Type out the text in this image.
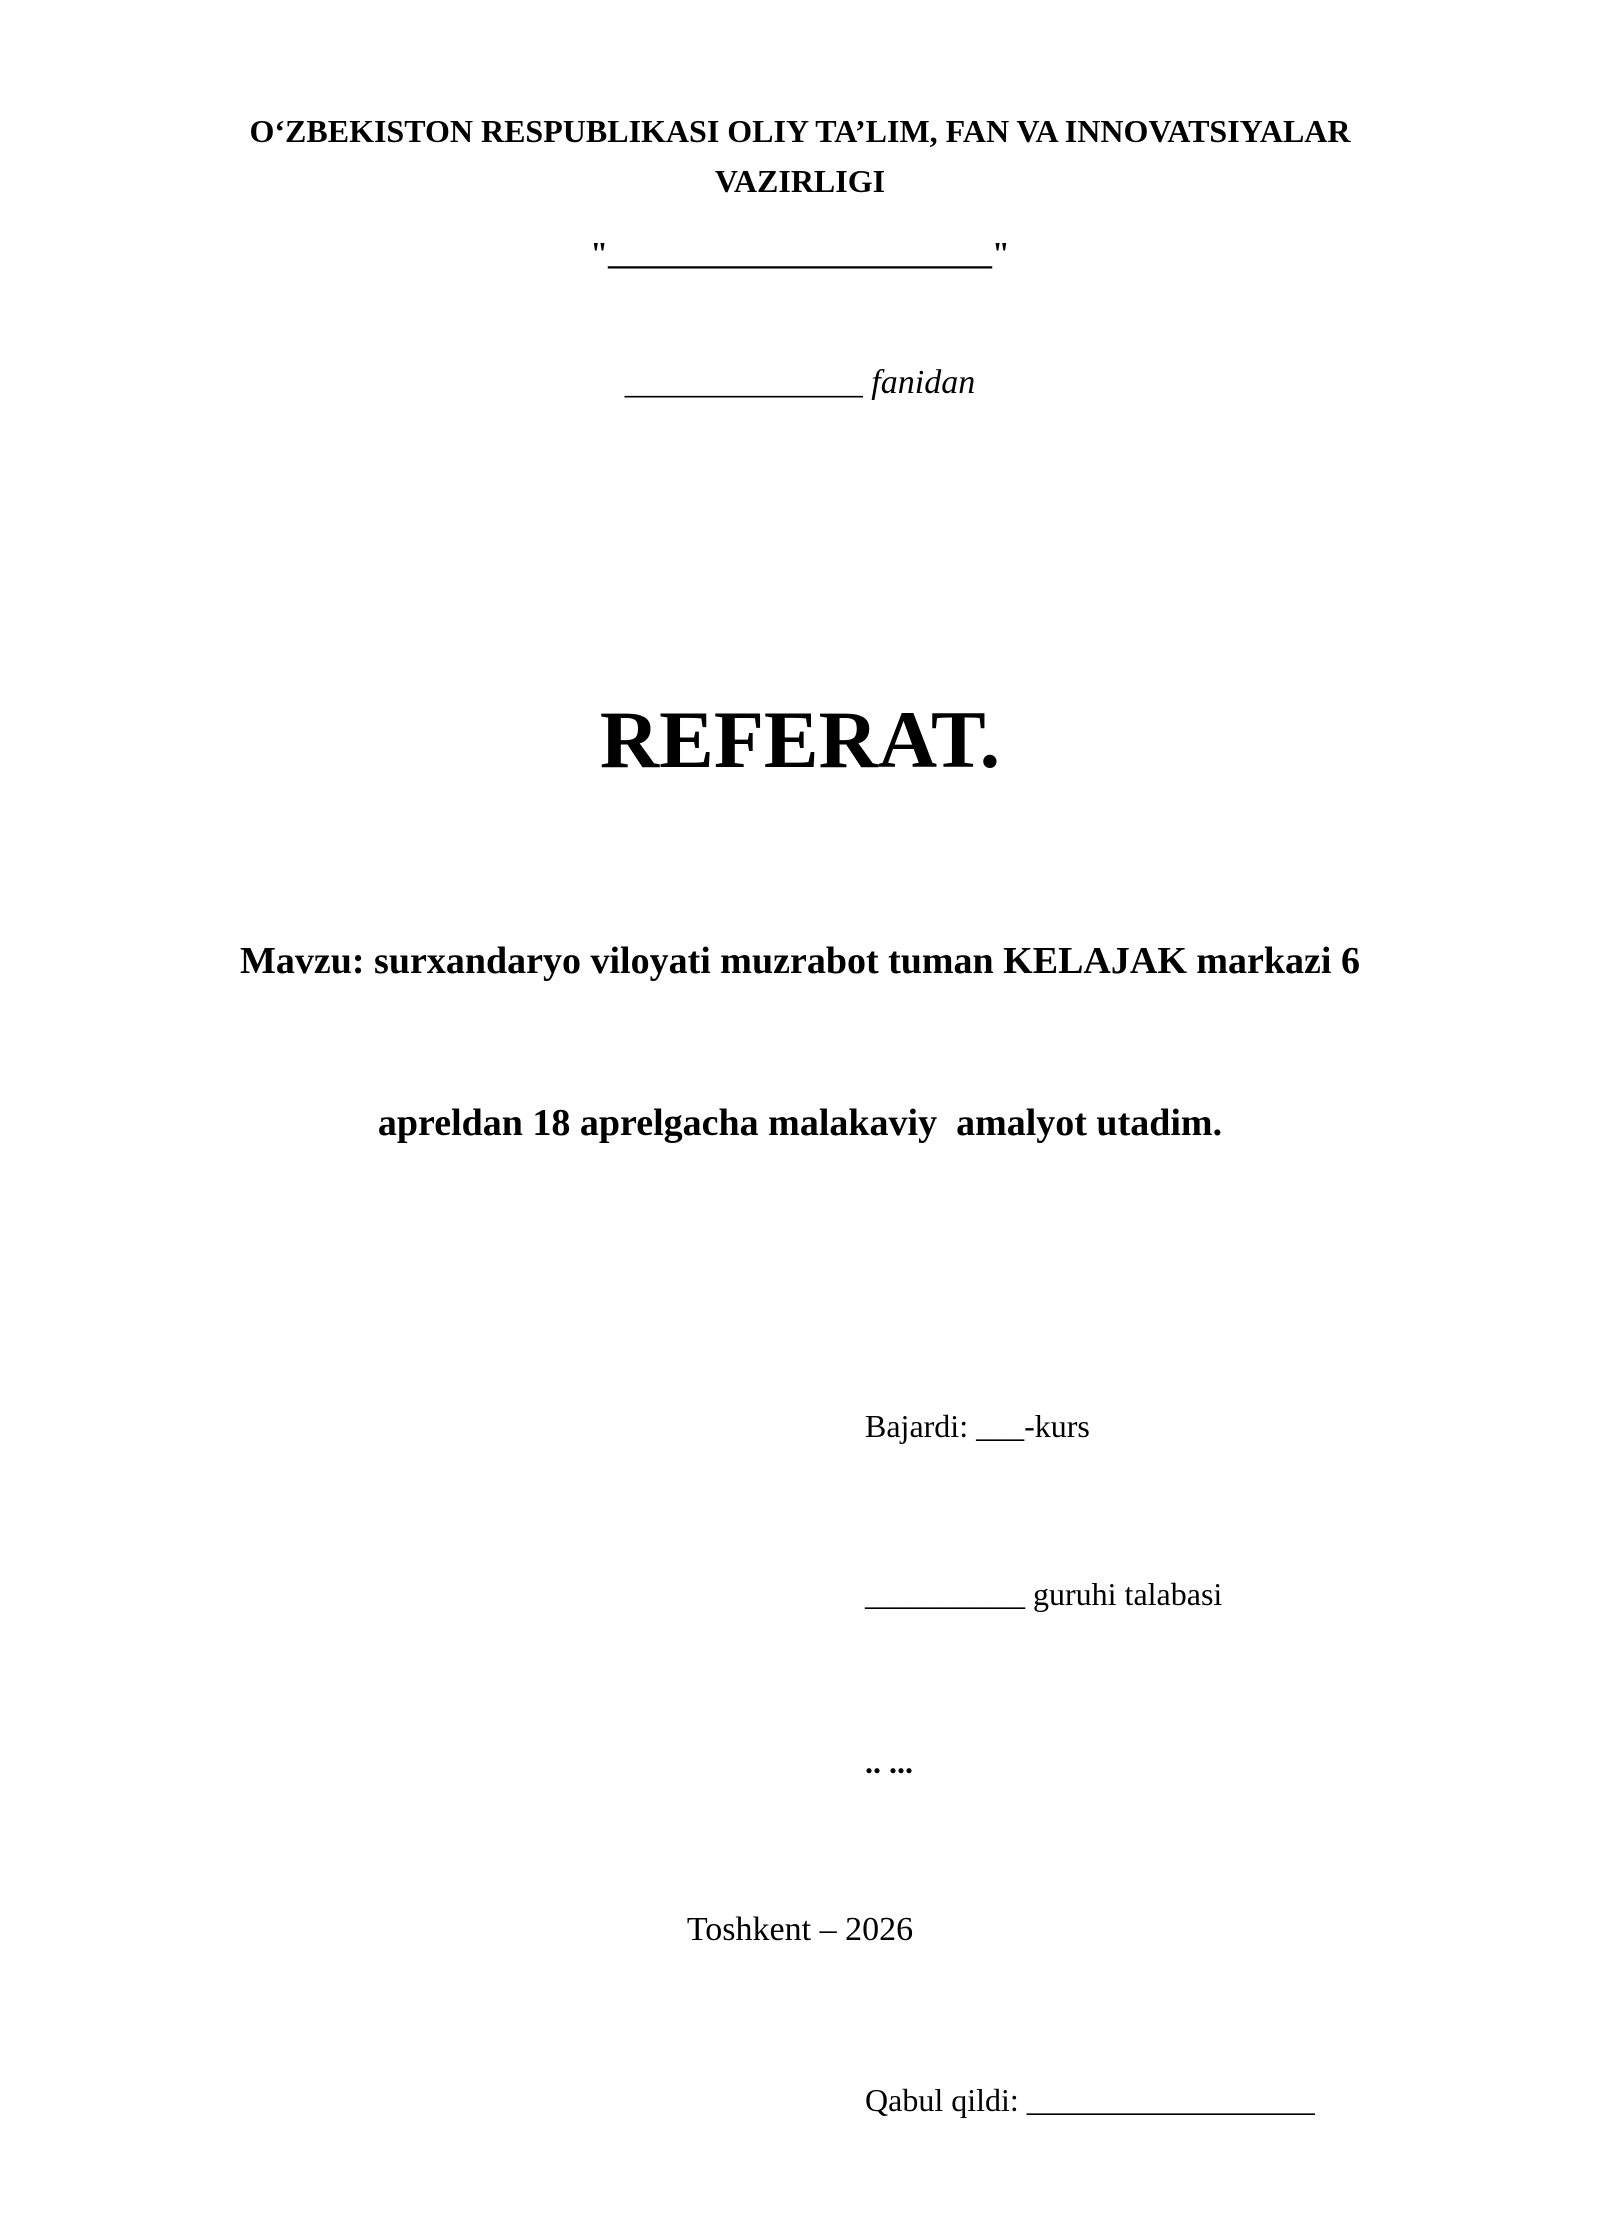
O‘ZBEKISTON RESPUBLIKASI OLIY TA’LIM, FAN VA INNOVATSIYALAR
VAZIRLIGI
"________________________"
______________ fanidan
REFERAT.

Mavzu: surxandaryo viloyati muzrabot tuman KELAJAK markazi 6

apreldan 18 aprelgacha malakaviy  amalyot utadim.

Bajardi: ___-kurs

__________ guruhi talabasi

.. ...

Qabul qildi: __________________

Toshkent – 2026
